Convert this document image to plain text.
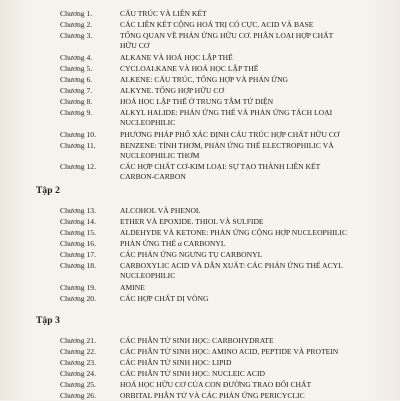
Chương 1.	CẤU TRÚC VÀ LIÊN KẾT
Chương 2.	CÁC LIÊN KẾT CỘNG HOÁ TRỊ CÓ CỰC. ACID VÀ BASE
Chương 3.	TỔNG QUAN VỀ PHẢN ỨNG HỮU CƠ. PHÂN LOẠI HỢP CHẤT HỮU CƠ
Chương 4.	ALKANE VÀ HOÁ HỌC LẬP THỂ
Chương 5.	CYCLOALKANE VÀ HOÁ HỌC LẬP THỂ
Chương 6.	ALKENE: CẤU TRÚC, TỔNG HỢP VÀ PHẢN ỨNG
Chương 7.	ALKYNE. TỔNG HỢP HỮU CƠ
Chương 8.	HOÁ HỌC LẬP THỂ Ở TRUNG TÂM TỨ DIỆN
Chương 9.	ALKYL HALIDE: PHẢN ỨNG THẾ VÀ PHẢN ỨNG TÁCH LOẠI NUCLEOPHILIC
Chương 10.	PHƯƠNG PHÁP PHỔ XÁC ĐỊNH CẤU TRÚC HỢP CHẤT HỮU CƠ
Chương 11.	BENZENE: TÍNH THƠM, PHẢN ỨNG THẾ ELECTROPHILIC VÀ NUCLEOPHILIC THƠM
Chương 12.	CÁC HỢP CHẤT CƠ-KIM LOẠI: SỰ TẠO THÀNH LIÊN KẾT CARBON-CARBON
Tập 2
Chương 13.	ALCOHOL VÀ PHENOL
Chương 14.	ETHER VÀ EPOXIDE. THIOL VÀ SULFIDE
Chương 15.	ALDEHYDE VÀ KETONE: PHẢN ỨNG CỘNG HỢP NUCLEOPHILIC
Chương 16.	PHẢN ỨNG THẾ α CARBONYL
Chương 17.	CÁC PHẢN ỨNG NGƯNG TỤ CARBONYL
Chương 18.	CARBOXYLIC ACID VÀ DẪN XUẤT: CÁC PHẢN ỨNG THẾ ACYL NUCLEOPHILIC
Chương 19.	AMINE
Chương 20.	CÁC HỢP CHẤT DỊ VÒNG
Tập 3
Chương 21.	CÁC PHÂN TỬ SINH HỌC: CARBOHYDRATE
Chương 22.	CÁC PHÂN TỬ SINH HỌC: AMINO ACID, PEPTIDE VÀ PROTEIN
Chương 23.	CÁC PHÂN TỬ SINH HỌC: LIPID
Chương 24.	CÁC PHÂN TỬ SINH HỌC: NUCLEIC ACID
Chương 25.	HOÁ HỌC HỮU CƠ CỦA CON ĐƯỜNG TRAO ĐỔI CHẤT
Chương 26.	ORBITAL PHÂN TỬ VÀ CÁC PHẢN ỨNG PERICYCLIC
